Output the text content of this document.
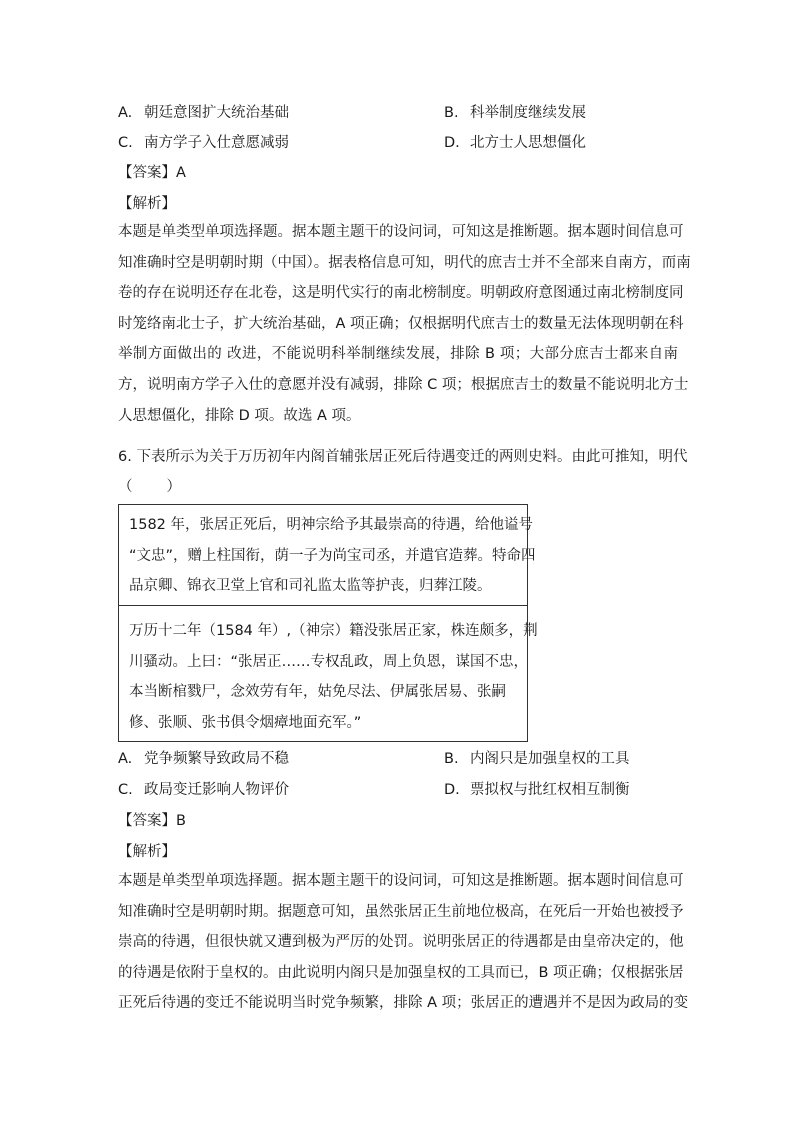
A. 朝廷意图扩大统治基础	B. 科举制度继续发展
C. 南方学子入仕意愿减弱	D. 北方士人思想僵化
【答案】A
【解析】
本题是单类型单项选择题。据本题主题干的设问词，可知这是推断题。据本题时间信息可
知准确时空是明朝时期（中国）。据表格信息可知，明代的庶吉士并不全部来自南方，而南
卷的存在说明还存在北卷，这是明代实行的南北榜制度。明朝政府意图通过南北榜制度同
时笼络南北士子，扩大统治基础，A 项正确；仅根据明代庶吉士的数量无法体现明朝在科
举制方面做出的 改进，不能说明科举制继续发展，排除 B 项；大部分庶吉士都来自南
方，说明南方学子入仕的意愿并没有减弱，排除 C 项；根据庶吉士的数量不能说明北方士
人思想僵化，排除 D 项。故选 A 项。
6. 下表所示为关于万历初年内阁首辅张居正死后待遇变迁的两则史料。由此可推知，明代
（ ）
1582 年，张居正死后，明神宗给予其最崇高的待遇，给他谥号
“文忠”，赠上柱国衔，荫一子为尚宝司丞，并遣官造葬。特命四
品京卿、锦衣卫堂上官和司礼监太监等护丧，归葬江陵。
万历十二年（1584 年）,（神宗）籍没张居正家，株连颇多，荆
川骚动。上曰：“张居正……专权乱政，周上负恩，谋国不忠，
本当断棺戮尸，念效劳有年，姑免尽法、伊属张居易、张嗣
修、张顺、张书俱令烟瘴地面充军。”
A. 党争频繁导致政局不稳	B. 内阁只是加强皇权的工具
C. 政局变迁影响人物评价	D. 票拟权与批红权相互制衡
【答案】B
【解析】
本题是单类型单项选择题。据本题主题干的设问词，可知这是推断题。据本题时间信息可
知准确时空是明朝时期。据题意可知，虽然张居正生前地位极高，在死后一开始也被授予
崇高的待遇，但很快就又遭到极为严厉的处罚。说明张居正的待遇都是由皇帝决定的，他
的待遇是依附于皇权的。由此说明内阁只是加强皇权的工具而已，B 项正确；仅根据张居
正死后待遇的变迁不能说明当时党争频繁，排除 A 项；张居正的遭遇并不是因为政局的变
